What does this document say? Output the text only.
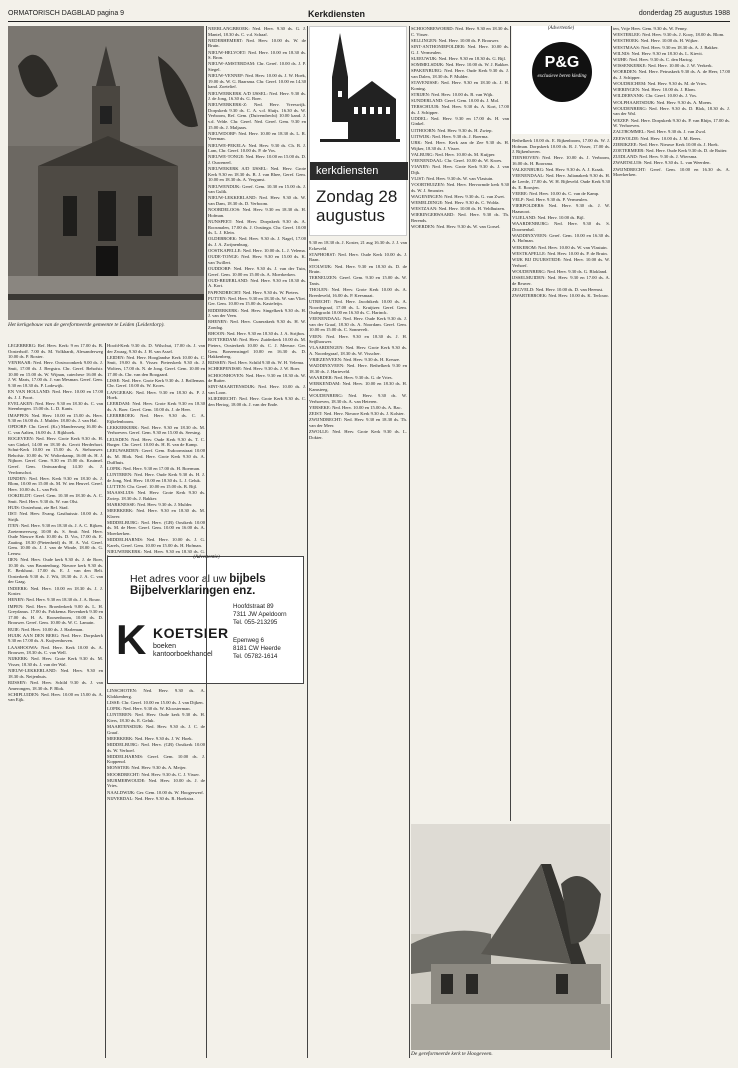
ORMATORISCH DAGBLAD pagina 9	Kerkdiensten	donderdag 25 augustus 1988
Het kerkgebouw van de gereformeerde gemeente te Leiden (Leiderdorp).

LEGERBERG: Ref. Herv. Kerk: 9 en 17.00 ds. B. Oosterhoff. 7.00 ds. M. Volkhardt, Alexanderweg 10.00 ds. P. Roxter.

VENHAAR: Ned. Herv. Oostwoonkerk 9.00 ds. J. Smit, 17.00 ds. J. Bergstra. Chr. Geref. Behofstr. 10.00 en 15.00 ds. W. Wijnan, catechese 16.00 ds. J. W. Maris, 17.00 ds. J. van Mesman. Geref. Gem. 9.30 en 18.30 ds. P. Lodewijk.

EN VAN HOLLAND: Ned. Herv. 10.00 en 17.00 ds. J. J. Poort.

EVELAKEN: Ned. Herv. 9.30 en 18.30 ds. C. van Steenbergen. 15.00 ds. L. D. Kanis.

IMAPPEN: Ned. Herv. 10.00 en 15.00 ds. Herv. 9.30 en 16.00 ds. J. Mulder. 18.00 ds. J. van Hal.

OPDORP: Chr. Geref. (Kr.) Mandersweg 16.00 ds. C. van Aalten, 16.00 ds. J. Rijkhoek.

ROGEVEEN: Ned. Herv. Grote Kerk 9.30 ds. H. van Ginkel, 14.00 en 18.30 ds. Gerrit Herderhort. Schut-Kerk 10.00 en 15.00 ds. A. Stehouwer. Behofstr. 10.00 ds. W. Wolterkamp, 16.00 ds. H. J. Nijboer. Geref. Gem. 9.30 en 15.00 ds. Kruimel. Geref. Gem. Ontwaarding 14.30 ds. J. Verdonschot.

IIJNDEN: Ned. Herv. Kerk 9.30 en 18.30 ds. J. Blom, 10.00 en 15.00 ds. M. W. ten Heuvel. Geref. Herv. 10.00 ds. L. van Pelt.

OOKIELDT: Geref. Gem. 10.30 en 18.30 ds. A. C. Smit. Ned. Herv. 9.30 ds. W. van Olst.

HUIS: Oosterhout, zie Ref. Stad.

IIST: Ned. Herv. Evang. Gasthuisstr. 10.00 ds. J. Strijk.

ITEN: Ned. Herv. 9.30 en 18.30 ds. J. A. C. Rijken. Zoetermeerweg. 10.00 ds. S. Smit. Ned. Herv. Oude Nieuwe Kerk 10.00 ds. D. Vos, 17.00 ds. E. Zaaiing. 18.30 (Pietenheid) ds. H. A. Vol. Geref. Gem. 10.00 ds. J. J. van de Winde, 18.00 ds. G. Leeuw.

IIEN: Ned. Herv. Oude kerk 9.30 ds. J. de Boer, 10.30 ds. van Bruntenburg. Nieuwe kerk 9.30 ds. E. Berkhout. 17.00 ds. E. J. van den Belt. Oosterkerk 9.30 ds. J. Wit, 18.30 ds. J. A. C. van der Gaag.

INDIERK: Ned. Herv. 10.00 en 18.30 ds. J. J. Koster.

HENEN: Ned. Herv. 9.30 en 18.30 ds. J. A. Bouw.

IMPEN: Ned. Herv. Broederkerk 9.00 ds. L. H. Greydanus. 17.00 ds. Fokkema. Bovenkerk 9.30 en 17.00 ds. H. A. Roosenboom, 10.00 ds. D. Brouwer. Geref. Gem. 10.00 ds. W. C. Lamain.

RUIE: Ned. Herv. 10.00 ds. J. Harleman.

HUIJK AAN DEN BERG: Ned. Herv. Dorpskerk 9.30 en 17.00 ds. A. Kuijvenhoven.

LAASHOOWA: Ned. Herv. Kerk 10.00 ds. A. Brouwer, 18.30 ds. C. van Well.

NIJKERK: Ned. Herv. Grote Kerk 9.30 ds. M. Visser, 18.30 ds. J. van der Wal.

NIEUW-LEKKERLAND: Ned. Herv. 9.30 en 18.30 ds. Neijenhuis.

RIJSSEN: Ned. Herv. Schild 9.30 ds. J. van Amerongen, 18.30 ds. P. Blok.

SCHIPLUIDEN: Ned. Herv. 10.00 en 15.00 ds. A. van Eijk.

Hoofd-Kerk 9.30 ds. D. Wilschut, 17.00 ds. J. van der Zwaag, 9.30 ds. J. H. van Assel.

LEIDEN: Ned. Herv. Hooglandse Kerk 10.00 ds. C. Smit, 19.00 ds. S. Visser. Pieterskerk 9.30 ds. J. Wolters, 17.00 ds. N. de Jong. Geref. Gem. 10.00 en 17.00 ds. Chr. van den Boogaard.

LISSE: Ned. Herv. Grote Kerk 9.30 ds. J. Brilleman. Chr. Geref. 10.00 ds. W. Kroes.

LANGERAK: Ned. Herv. 9.30 en 18.30 ds. P. J. Hoek.

LEERDAM: Ned. Herv. Grote Kerk 9.30 en 18.30 ds. A. Boer. Geref. Gem. 10.00 ds. J. de Heer.

LEERBROEK: Ned. Herv. 9.30 ds. C. A. Eijkelenboom.

LEKKERKERK: Ned. Herv. 9.30 en 18.30 ds. M. Verhoeven. Geref. Gem. 9.30 en 15.00 ds. Seesing.

LEUSDEN: Ned. Herv. Oude Kerk 9.30 ds. T. C. Burger. Chr. Geref. 10.00 ds. H. R. van de Kamp.

LEEUWARDEN: Geref. Gem. Esdoornstraat 10.00 ds. M. Blok. Ned. Herv. Grote Kerk 9.30 ds. A. Duffhuis.

LOPIK: Ned. Herv. 9.30 en 17.00 ds. H. Boerman.

LUNTEREN: Ned. Herv. Oude Kerk 9.30 ds. H. J. de Jong, Ned. Herv. 10.00 en 18.30 ds. L. J. Geluk.

LUTTEN: Chr. Geref. 10.00 en 15.00 ds. B. Bijl.

MAASSLUIS: Ned. Herv. Grote Kerk 9.30 ds. Zwiep. 18.30 ds. J. Bakker.

MARKNESSE: Ned. Herv. 9.30 ds. J. Mulder.

MEERKERK: Ned. Herv. 9.30 en 18.30 ds. M. Klaver.

MIDDELBURG: Ned. Herv. (GB) Oostkerk 10.00 ds. M. de Heer. Geref. Gem. 10.00 en 16.00 ds. A. Moerkerken.

MIDDELHARNIS: Ned. Herv. 10.00 ds. J. G. Karels, Geref. Gem. 10.00 en 15.00 ds. H. Hofman.

NIEUWERKERK: Ned. Herv. 9.30 en 18.30 ds. G.

(Advertentie)
Het adres voor al uw bijbels
Bijbelverklaringen enz.
K KOETSIER
boeken
kantoorboekhandel
Hoofdstraat 89
7311 JW Apeldoorn
Tel. 055-213295
Epenweg 6
8181 CW Heerde
Tel. 05782-1614

LINSCHOTEN: Ned. Herv. 9.30 ds. A. Klokkenberg.

LISSE: Chr. Geref. 10.00 en 15.00 ds. J. van Dijken.

LOPIK: Ned. Herv. 9.30 ds. W. Kloosterman.

LUNTEREN: Ned. Herv. Oude kerk 9.30 ds. H. Kiers, 18.30 ds. E. Geluk.

MAARTENSDIJK: Ned. Herv. 9.30 ds. J. C. de Graaf.

MEERKERK: Ned. Herv. 9.30 ds. J. W. Hoek.

MIDDELBURG: Ned. Herv. (GB) Oostkerk 10.00 ds. W. Verhoef.

MIDDELHARNIS: Geref. Gem. 10.00 ds. J. Koppenol.

MONSTER: Ned. Herv. 9.30 ds. A. Meijer.

MOORDRECHT: Ned. Herv. 9.30 ds. C. J. Visser.

MURMERWOUDE: Ned. Herv. 10.00 ds. J. de Vries.

NAALDWIJK: Ger. Gem. 10.00 ds. W. Hoogerwerf.

NIJVERDAL: Ned. Herv. 9.30 ds. R. Hoekstra.

NEERLANGBROEK: Ned. Herv. 9.30 ds. G. J. Mantel, 18.30 ds. C. v.d. Schaaf.

NEDERHEMERT: Ned. Herv. 10.00 ds. W. de Bruin.

NIEUW-HELVOET: Ned. Herv. 10.00 en 18.30 ds. S. Bron.

NIEUW-AMSTERDAM: Chr. Geref. 10.00 ds. J. P. Siegel.

NIEUW-VENNEP: Ned. Herv. 10.00 ds. J. W. Hoek, 19.00 ds. W. G. Baarsma. Chr. Geref. 10.00 en 14.30 kand. Zoetelief.

NIEUWERKERK A/D IJSSEL: Ned. Herv. 9.30 ds. J. de Jong, 16.30 ds. G. Boer.

NIEUWERKERK-Z: Ned. Herv. Vreeswijk. Dorpskerk 9.30 ds. C. A. v.d. Sluijs. 16.30 ds. W. Verboom, Ref. Gem. (Duivendrecht) 10.00 kand. J. v.d. Velde. Chr. Geref. Ned. Geref. Gem. 9.30 en 15.00 ds. J. Maljaars.

NIEUWDORP: Ned. Herv. 10.00 en 18.30 ds. L. R. Voerman.

NIEUWE-PEKELA: Ned. Herv. 9.30 ds. Ch. B. J. Lam, Chr. Geref. 10.00 ds. P. de Vos.

NIEUWE-TONGE: Ned. Herv. 10.00 en 15.00 ds. D. J. Ouweneel.

NIEUWEKERK A/D IJSSEL: Ned. Herv. Grote Kerk 9.30 en 18.30 ds. B. J. van Rhee, Geref. Gem. 10.00 en 18.30 ds. A. Vergunst.

NIEUWENDIJK: Geref. Gem. 10.30 en 15.00 ds. J. van Gulik.

NIEUW-LEKKERLAND: Ned. Herv. 9.30 ds. W. van Dam, 18.30 ds. D. Verboom.

NOORDELOOS: Ned. Herv. 9.30 en 18.30 ds. H. Hofman.

NUNSPEET: Ned. Herv. Dorpskerk 9.30 ds. A. Roosmalen, 17.00 ds. J. Oostinga. Chr. Geref. 10.00 ds. L. J. Klein.

OLDEBROEK: Ned. Herv. 9.30 ds. J. Nagel, 17.00 ds. J. A. Zwijnenburg.

OOSTKAPELLE: Ned. Herv. 10.00 ds. L. J. Velema.

OUDE-TONGE: Ned. Herv. 9.30 en 15.00 ds. K. van Twillert.

OUDDORP: Ned. Herv. 9.30 ds. J. van der Tuin, Geref. Gem. 10.00 en 15.00 ds. A. Moerkerken.

OUD-BEIJERLAND: Ned. Herv. 9.30 en 18.30 ds. A. Kort.

PAPENDRECHT: Ned. Herv. 9.30 ds. W. Pieters.

PUTTEN: Ned. Herv. 9.30 en 18.30 ds. W. van Vliet. Ger. Gem. 10.00 en 15.00 ds. Kasteleijn.

RIDDERKERK: Ned. Herv. Singelkerk 9.30 ds. H. J. van der Veen.

RHENEN: Ned. Herv. Cunerakerk 9.30 ds. H. W. Zondag.

RHOON: Ned. Herv. 9.30 en 18.30 ds. J. A. Strijbos.

ROTTERDAM: Ned. Herv. Zuiderkerk 10.00 ds. M. Pieters, Oosterkerk 10.00 ds. C. J. Meeuse. Ger. Gem. Boezemsingel 10.00 en 16.30 ds. D. Hakkenberg.

RIJSSEN: Ned. Herv. Schild 9.30 ds. W. H. Velema.

SCHERPENISSE: Ned. Herv. 9.30 ds. J. W. Boer.

SCHOONHOVEN: Ned. Herv. 9.30 en 18.30 ds. W. de Ruiter.

SINT-MAARTENSDIJK: Ned. Herv. 10.00 ds. J. van Loon.

SLIEDRECHT: Ned. Herv. Grote Kerk 9.30 ds. C. den Hertog, 18.00 ds. J. van der Ende.

kerkdiensten
Zondag 28 augustus

9.30 en 18.30 ds. J. Koster, 21 aug 16.30 ds. J. J. van Eckeveld.

STAPHORST: Ned. Herv. Oude Kerk 10.00 ds. J. Baan.

STOLWIJK: Ned. Herv. 9.30 en 18.30 ds. D. de Bruin.

TERNEUZEN: Geref. Gem. 9.30 en 15.00 ds. W. Tanis.

THOLEN: Ned. Herv. Grote Kerk 10.00 ds. A. Breedeveld, 16.00 ds. P. Keesmaat.

UTRECHT: Ned. Herv. Jacobikerk 10.00 ds. A. Noordegraaf, 17.00 ds. L. Kruijtzer. Geref. Gem. Oudegracht 10.00 en 16.30 ds. C. Harinck.

VEENENDAAL: Ned. Herv. Oude Kerk 9.30 ds. J. van der Graaf, 18.30 ds. A. Noordam. Geref. Gem. 10.00 en 15.00 ds. C. Sonnevelt.

VEEN: Ned. Herv. 9.30 en 18.30 ds. J. H. Seijlhouwer.

VLAARDINGEN: Ned. Herv. Grote Kerk 9.30 ds. A. Noordegraaf, 18.30 ds. W. Visscher.

VRIEZENVEEN: Ned. Herv. 9.30 ds. H. Kreuze.

WADDINXVEEN: Ned. Herv. Bethelkerk 9.30 en 18.30 ds. J. Harteveld.

WAARDER: Ned. Herv. 9.30 ds. G. de Vries.

WERKENDAM: Ned. Herv. 10.00 en 18.30 ds. H. Kamsteeg.

WOUDENBERG: Ned. Herv. 9.30 ds. W. Verhoeven, 18.30 ds. A. van Heteren.

YERSEKE: Ned. Herv. 10.00 en 15.00 ds. A. Bac.

ZEIST: Ned. Herv. Nieuwe Kerk 9.30 ds. J. Kolster.

ZWIJNDRECHT: Ned. Herv. 9.30 en 18.30 ds. Th. van der Meer.

ZWOLLE: Ned. Herv. Grote Kerk 9.30 ds. L. Dokter.

SCHOONREWOERD: Ned. Herv. 9.30 en 18.30 ds. C. Visser.

SELLINGEN: Ned. Herv. 10.00 ds. P. Brouwer.

SINT-ANTHONIEPOLDER: Ned. Herv. 10.00 ds. G. J. Vermeulen.

SLEEUWIJK: Ned. Herv. 9.30 en 18.30 ds. G. Bijl.

SOMMELSDIJK: Ned. Herv. 10.00 ds. W. J. Bakker.

SPAKENBURG: Ned. Herv. Oude Kerk 9.30 ds. J. van Dalen, 18.30 ds. P. Mulder.

STAVENISSE: Ned. Herv. 9.30 en 18.30 ds. J. H. Koning.

STRIJEN: Ned. Herv. 10.00 ds. B. van Wijk.

SUNDERLAND: Geref. Gem. 10.00 ds. J. Mol.

TERSCHUUR: Ned. Herv. 9.30 ds. A. Kort, 17.00 ds. J. Schipper.

UDDEL: Ned. Herv. 9.30 en 17.00 ds. H. van Ginkel.

UITHOORN: Ned. Herv. 9.30 ds. H. Zwiep.

UITWIJK: Ned. Herv. 9.30 ds. J. Boerma.

URK: Ned. Herv. Kerk aan de Zee 9.30 ds. H. Wijker, 18.30 ds. J. Visser.

VALBURG: Ned. Herv. 10.00 ds. M. Kuijper.

VEENENDAAL: Chr. Geref. 10.00 ds. W. Kroes.

VIANEN: Ned. Herv. Grote Kerk 9.30 ds. J. van Dijk.

VLIST: Ned. Herv. 9.30 ds. W. van Vlastuin.

VOORTHUIZEN: Ned. Herv. Hervormde kerk 9.30 ds. W. J. Smouter.

WAGENINGEN: Ned. Herv. 9.30 ds. G. van Zwet.

WEMELDINGE: Ned. Herv. 9.30 ds. C. Wolda.

WESTZAAN: Ned. Herv. 10.00 ds. H. Veldhuizen.

WIERINGERWAARD: Ned. Herv. 9.30 ds. Th. Berends.

WOERDEN: Ned. Herv. 9.30 ds. W. van Gorsel.

(Advertentie)
P&G
exclusieve beren kleding

Bethelkerk 10.00 ds. E. Rijkenboom, 17.00 ds. W. J. Hofman. Dorpskerk 10.00 ds. R. J. Visser, 17.00 ds. J. Rijkenhoven.

TIENHOVEN: Ned. Herv. 10.00 ds. J. Verboom, 16.00 ds. H. Boorsma.

VALKENBURG: Ned. Herv. 9.30 ds. A. J. Kraak.

VEENENDAAL: Ned. Herv. Julianakerk 9.30 ds. H. de Leede, 17.00 ds. W. H. Bijleveld. Oude Kerk 9.30 ds. E. Roosjen.

VEERE: Ned. Herv. 10.00 ds. C. van de Kamp.

VELP: Ned. Herv. 9.30 ds. P. Vermeulen.

VIERPOLDERS: Ned. Herv. 9.30 ds. J. W. Haasnoot.

VLIELAND: Ned. Herv. 10.00 ds. Bijl.

WAARDENBURG: Ned. Herv. 9.30 ds. S. Doornenbal.

WADDINXVEEN: Geref. Gem. 10.00 en 16.30 ds. A. Hofman.

WEKEROM: Ned. Herv. 10.00 ds. W. van Vlastuin.

WESTKAPELLE: Ned. Herv. 10.00 ds. P. de Bruin.

WIJK BIJ DUURSTEDE: Ned. Herv. 10.00 ds. W. Verhoef.

WOUDENBERG: Ned. Herv. 9.30 ds. G. Blokland.

IJSSELMUIDEN: Ned. Herv. 9.30 en 17.00 ds. A. de Reuver.

ZEGVELD: Ned. Herv. 10.00 ds. D. van Heemst.

ZWARTEBROEK: Ned. Herv. 10.00 ds. K. Terlouw.

ten, Vrije Herv. Gem. 9.30 ds. W. Fenny.

WESTERLEE: Ned. Herv. 9.30 ds. J. Kooy, 18.00 ds. Blom.

WESTHOEK: Ned. Herv. 10.00 ds. H. Wijker.

WESTMAAS: Ned. Herv. 9.30 en 18.30 ds. A. J. Bakker.

WILNIS: Ned. Herv. 9.30 en 18.30 ds. L. Kievit.

WIJHE: Ned. Herv. 9.30 ds. C. den Hartog.

WISSENKERKE: Ned. Herv. 10.00 ds. J. W. Verkerk.

WOERDEN: Ned. Herv. Petruskerk 9.30 ds. A. de Heer, 17.00 ds. J. Schipper.

WOUDRICHEM: Ned. Herv. 9.30 ds. M. de Vries.

WIERINGEN: Ned. Herv. 10.00 ds. J. Blom.

WILDERVANK: Chr. Geref. 10.00 ds. J. Vos.

WOLPHAARTSDIJK: Ned. Herv. 9.30 ds. A. Moens.

WOUDENBERG: Ned. Herv. 9.30 ds. D. Blok, 18.30 ds. J. van der Wal.

WEZEP: Ned. Herv. Dorpskerk 9.30 ds. P. van Rhijn, 17.00 ds. W. Verhoeven.

ZALTBOMMEL: Ned. Herv. 9.30 ds. J. van Zwol.

ZEEWOLDE: Ned. Herv. 10.00 ds. J. M. Beers.

ZIERIKZEE: Ned. Herv. Nieuwe Kerk 10.00 ds. J. Hoek.

ZOETERMEER: Ned. Herv. Oude Kerk 9.30 ds. D. de Ruiter.

ZUIDLAND: Ned. Herv. 9.30 ds. J. Wiersma.

ZWARTSLUIS: Ned. Herv. 9.30 ds. L. van Weerden.

ZWIJNDRECHT: Geref. Gem. 10.00 en 16.30 ds. A. Moerkerken.

De gereformeerde kerk te Hoogeveen.
